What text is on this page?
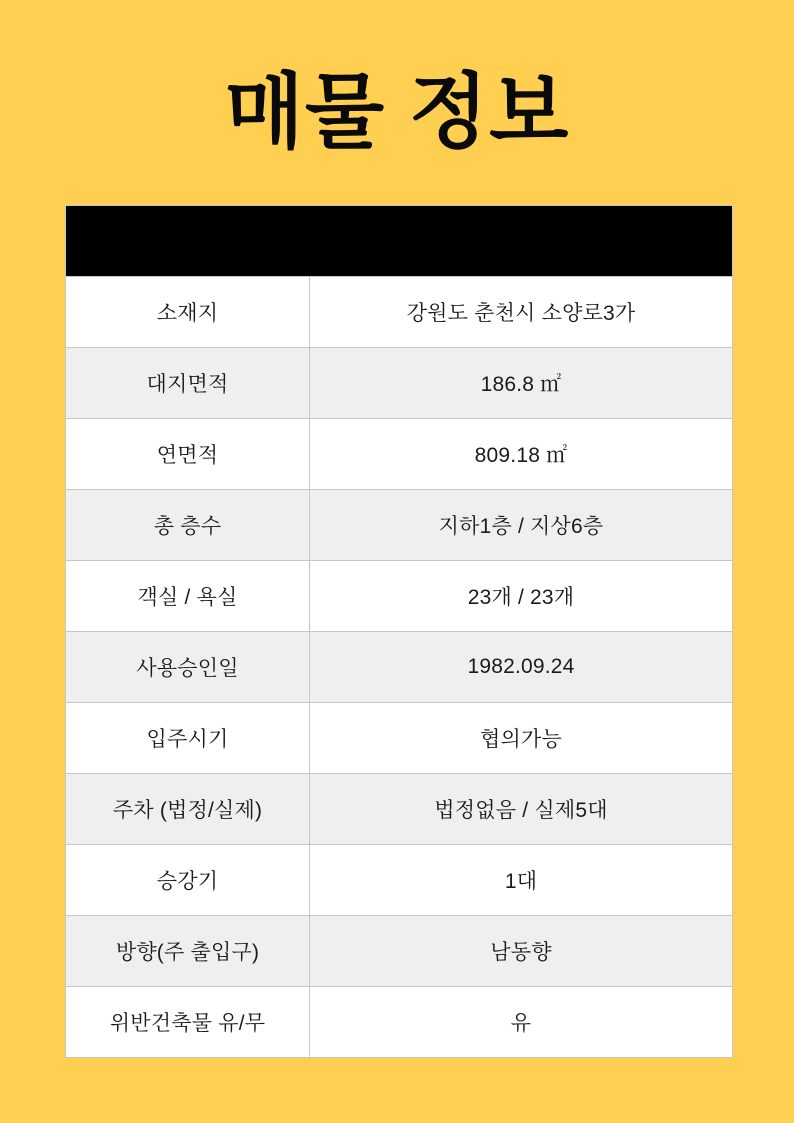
매물 정보
소재지	강원도 춘천시 소양로3가
대지면적	186.8 ㎡
연면적	809.18 ㎡
총 층수	지하1층 / 지상6층
객실 / 욕실	23개 / 23개
사용승인일	1982.09.24
입주시기	협의가능
주차 (법정/실제)	법정없음 / 실제5대
승강기	1대
방향(주 출입구)	남동향
위반건축물 유/무	유
